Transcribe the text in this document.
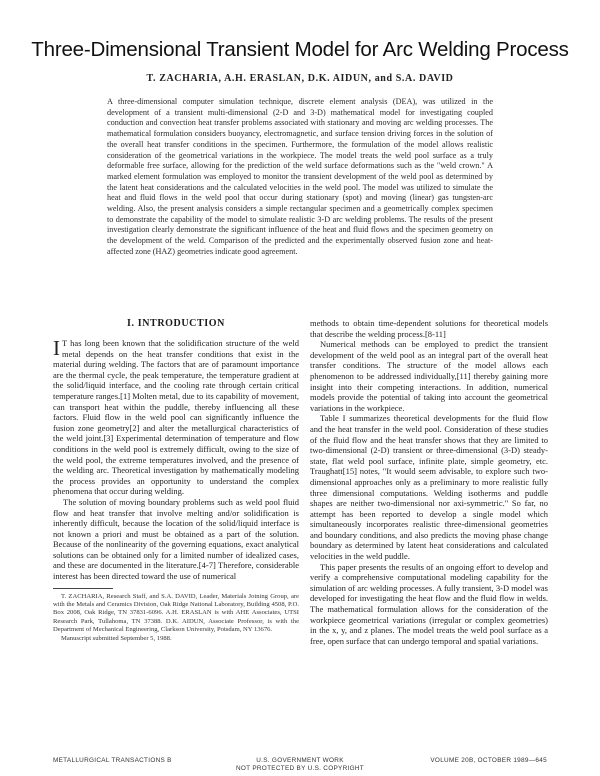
Three-Dimensional Transient Model for Arc Welding Process
T. ZACHARIA, A.H. ERASLAN, D.K. AIDUN, and S.A. DAVID

A three-dimensional computer simulation technique, discrete element analysis (DEA), was utilized in the development of a transient multi-dimensional (2-D and 3-D) mathematical model for investigating coupled conduction and convection heat transfer problems associated with stationary and moving arc welding processes. The mathematical formulation considers buoyancy, electromagnetic, and surface tension driving forces in the solution of the overall heat transfer conditions in the specimen. Furthermore, the formulation of the model allows realistic consideration of the geometrical variations in the workpiece. The model treats the weld pool surface as a truly deformable free surface, allowing for the prediction of the weld surface deformations such as the "weld crown." A marked element formulation was employed to monitor the transient development of the weld pool as determined by the latent heat considerations and the calculated velocities in the weld pool. The model was utilized to simulate the heat and fluid flows in the weld pool that occur during stationary (spot) and moving (linear) gas tungsten-arc welding. Also, the present analysis considers a simple rectangular specimen and a geometrically complex specimen to demonstrate the capability of the model to simulate realistic 3-D arc welding problems. The results of the present investigation clearly demonstrate the significant influence of the heat and fluid flows and the specimen geometry on the development of the weld. Comparison of the predicted and the experimentally observed fusion zone and heat-affected zone (HAZ) geometries indicate good agreement.

I. INTRODUCTION

I T has long been known that the solidification structure of the weld metal depends on the heat transfer conditions that exist in the material during welding. The factors that are of paramount importance are the thermal cycle, the peak temperature, the temperature gradient at the solid/liquid interface, and the cooling rate through certain critical temperature ranges.[1] Molten metal, due to its capability of movement, can transport heat within the puddle, thereby influencing all these factors. Fluid flow in the weld pool can significantly influence the fusion zone geometry[2] and alter the metallurgical characteristics of the weld joint.[3] Experimental determination of temperature and flow conditions in the weld pool is extremely difficult, owing to the size of the weld pool, the extreme temperatures involved, and the presence of the welding arc. Theoretical investigation by mathematically modeling the process provides an opportunity to understand the complex phenomena that occur during welding.

The solution of moving boundary problems such as weld pool fluid flow and heat transfer that involve melting and/or solidification is inherently difficult, because the location of the solid/liquid interface is not known a priori and must be obtained as a part of the solution. Because of the nonlinearity of the governing equations, exact analytical solutions can be obtained only for a limited number of idealized cases, and these are documented in the literature.[4-7] Therefore, considerable interest has been directed toward the use of numerical

T. ZACHARIA, Research Staff, and S.A. DAVID, Leader, Materials Joining Group, are with the Metals and Ceramics Division, Oak Ridge National Laboratory, Building 4508, P.O. Box 2008, Oak Ridge, TN 37831-6096. A.H. ERASLAN is with AHE Associates, UTSI Research Park, Tullahoma, TN 37388. D.K. AIDUN, Associate Professor, is with the Department of Mechanical Engineering, Clarkson University, Potsdam, NY 13676.

Manuscript submitted September 5, 1988.

methods to obtain time-dependent solutions for theoretical models that describe the welding process.[8-11]

Numerical methods can be employed to predict the transient development of the weld pool as an integral part of the overall heat transfer conditions. The structure of the model allows each phenomenon to be addressed individually,[11] thereby gaining more insight into their competing interactions. In addition, numerical models provide the potential of taking into account the geometrical variations in the workpiece.

Table I summarizes theoretical developments for the fluid flow and the heat transfer in the weld pool. Consideration of these studies of the fluid flow and the heat transfer shows that they are limited to two-dimensional (2-D) transient or three-dimensional (3-D) steady-state, flat weld pool surface, infinite plate, simple geometry, etc. Traughatt[15] notes, "It would seem advisable, to explore such two-dimensional approaches only as a preliminary to more realistic fully three dimensional computations. Welding isotherms and puddle shapes are neither two-dimensional nor axi-symmetric." So far, no attempt has been reported to develop a single model which simultaneously incorporates realistic three-dimensional geometries and boundary conditions, and also predicts the moving phase change boundary as determined by latent heat considerations and calculated velocities in the weld puddle.

This paper presents the results of an ongoing effort to develop and verify a comprehensive computational modeling capability for the simulation of arc welding processes. A fully transient, 3-D model was developed for investigating the heat flow and the fluid flow in welds. The mathematical formulation allows for the consideration of the workpiece geometrical variations (irregular or complex geometries) in the x, y, and z planes. The model treats the weld pool surface as a free, open surface that can undergo temporal and spatial variations.

METALLURGICAL TRANSACTIONS B	U.S. GOVERNMENT WORK
NOT PROTECTED BY U.S. COPYRIGHT
VOLUME 20B, OCTOBER 1989—645
